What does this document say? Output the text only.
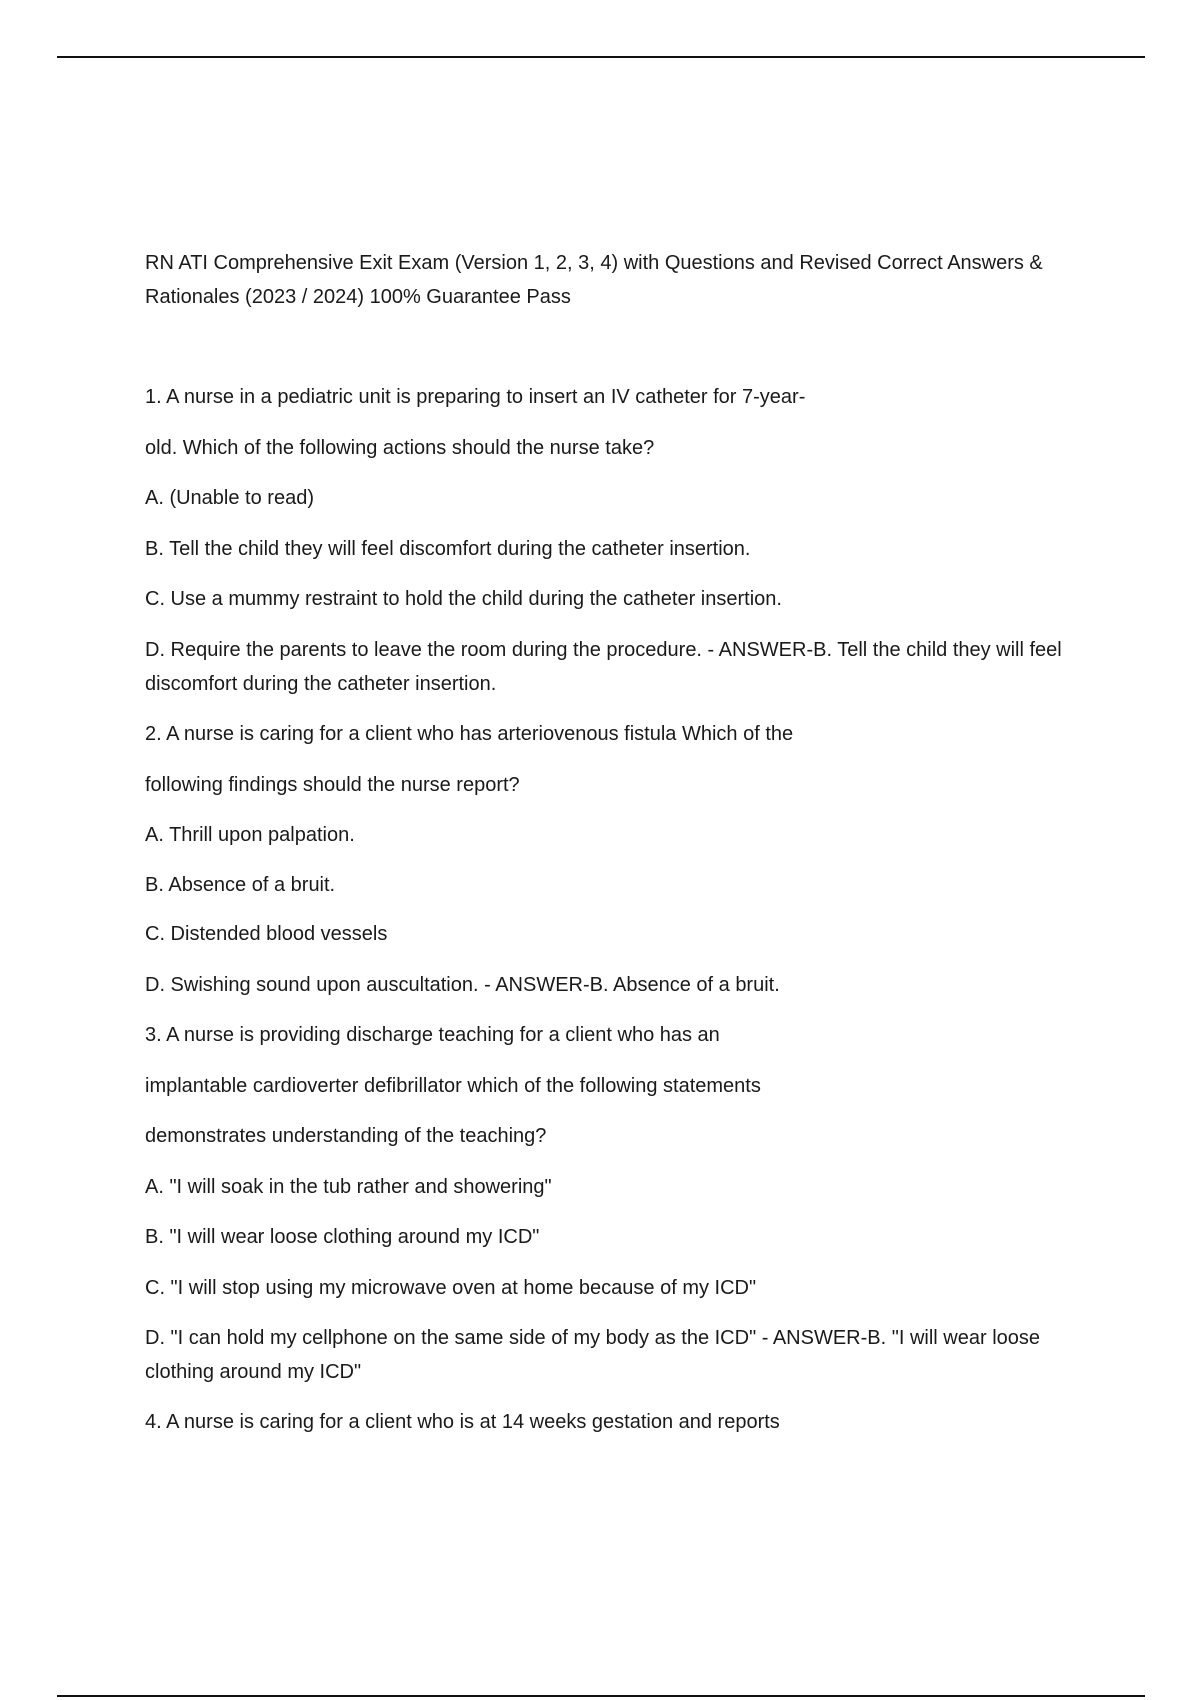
RN ATI Comprehensive Exit Exam (Version 1, 2, 3, 4) with Questions and Revised Correct Answers & Rationales (2023 / 2024) 100% Guarantee Pass

1. A nurse in a pediatric unit is preparing to insert an IV catheter for 7-year-

old. Which of the following actions should the nurse take?

A. (Unable to read)

B. Tell the child they will feel discomfort during the catheter insertion.

C. Use a mummy restraint to hold the child during the catheter insertion.

D. Require the parents to leave the room during the procedure. - ANSWER-B. Tell the child they will feel discomfort during the catheter insertion.

2. A nurse is caring for a client who has arteriovenous fistula Which of the

following findings should the nurse report?

A. Thrill upon palpation.

B. Absence of a bruit.

C. Distended blood vessels

D. Swishing sound upon auscultation. - ANSWER-B. Absence of a bruit.

3. A nurse is providing discharge teaching for a client who has an

implantable cardioverter defibrillator which of the following statements

demonstrates understanding of the teaching?

A. "I will soak in the tub rather and showering"

B. "I will wear loose clothing around my ICD"

C. "I will stop using my microwave oven at home because of my ICD"

D. "I can hold my cellphone on the same side of my body as the ICD" - ANSWER-B. "I will wear loose clothing around my ICD"

4. A nurse is caring for a client who is at 14 weeks gestation and reports
